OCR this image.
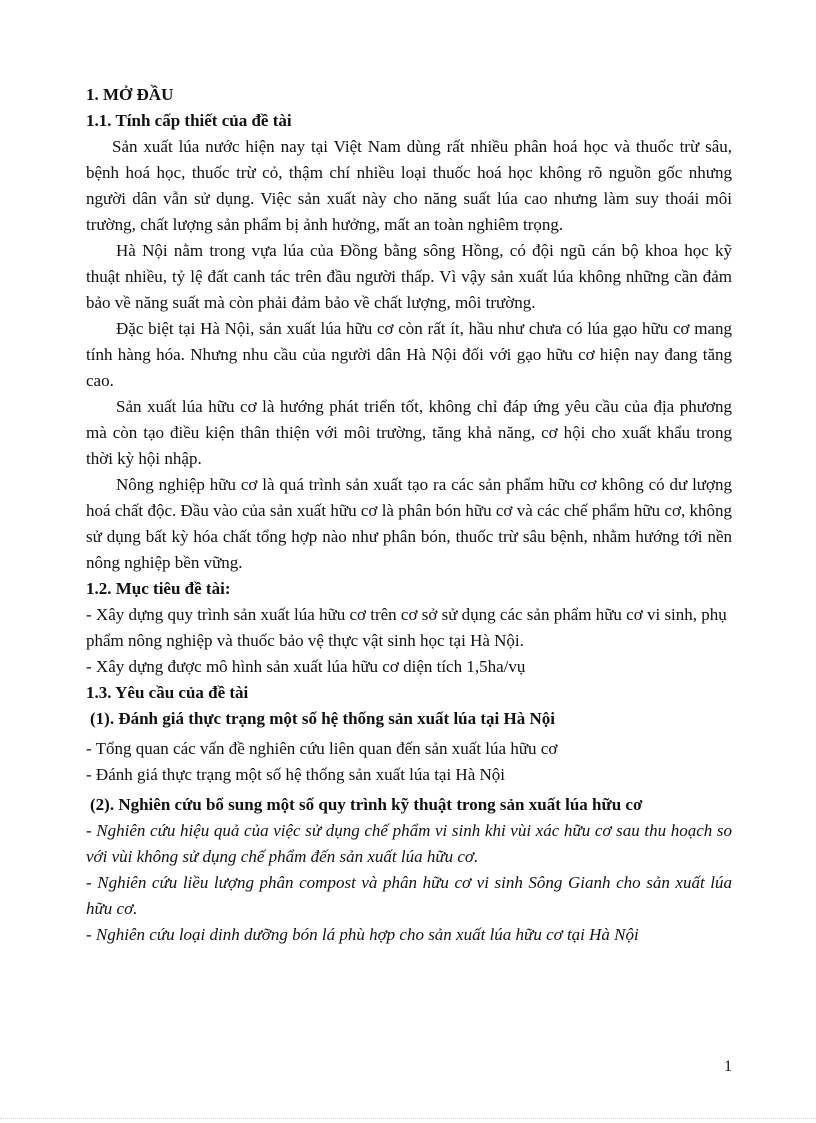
1. MỞ ĐẦU

1.1. Tính cấp thiết của đề tài

Sản xuất lúa nước hiện nay tại Việt Nam dùng rất nhiều phân hoá học và thuốc trừ sâu, bệnh hoá học, thuốc trừ cỏ, thậm chí nhiều loại thuốc hoá học không rõ nguồn gốc nhưng người dân vẫn sử dụng. Việc sản xuất này cho năng suất lúa cao nhưng làm suy thoái môi trường, chất lượng sản phẩm bị ảnh hưởng, mất an toàn nghiêm trọng.

Hà Nội nằm trong vựa lúa của Đồng bằng sông Hồng, có đội ngũ cán bộ khoa học kỹ thuật nhiều, tỷ lệ đất canh tác trên đầu người thấp. Vì vậy sản xuất lúa không những cần đảm bảo về năng suất mà còn phải đảm bảo về chất lượng, môi trường.

Đặc biệt tại Hà Nội, sản xuất lúa hữu cơ còn rất ít, hầu như chưa có lúa gạo hữu cơ mang tính hàng hóa. Nhưng nhu cầu của người dân Hà Nội đối với gạo hữu cơ hiện nay đang tăng cao.

Sản xuất lúa hữu cơ là hướng phát triển tốt, không chỉ đáp ứng yêu cầu của địa phương mà còn tạo điều kiện thân thiện với môi trường, tăng khả năng, cơ hội cho xuất khẩu trong thời kỳ hội nhập.

Nông nghiệp hữu cơ là quá trình sản xuất tạo ra các sản phẩm hữu cơ không có dư lượng hoá chất độc. Đầu vào của sản xuất hữu cơ là phân bón hữu cơ và các chế phẩm hữu cơ, không sử dụng bất kỳ hóa chất tổng hợp nào như phân bón, thuốc trừ sâu bệnh, nhằm hướng tới nền nông nghiệp bền vững.

1.2. Mục tiêu đề tài:

- Xây dựng quy trình sản xuất lúa hữu cơ trên cơ sở sử dụng các sản phẩm hữu cơ vi sinh, phụ phẩm nông nghiệp và thuốc bảo vệ thực vật sinh học tại Hà Nội.

- Xây dựng được mô hình sản xuất lúa hữu cơ diện tích 1,5ha/vụ

1.3. Yêu cầu của đề tài

(1). Đánh giá thực trạng một số hệ thống sản xuất lúa tại Hà Nội

- Tổng quan các vấn đề nghiên cứu liên quan đến sản xuất lúa hữu cơ

- Đánh giá thực trạng một số hệ thống sản xuất lúa tại Hà Nội

(2). Nghiên cứu bổ sung một số quy trình kỹ thuật trong sản xuất lúa hữu cơ

- Nghiên cứu hiệu quả của việc sử dụng chế phẩm vi sinh khi vùi xác hữu cơ sau thu hoạch so với vùi không sử dụng chế phẩm đến sản xuất lúa hữu cơ.

- Nghiên cứu liều lượng phân compost và phân hữu cơ vi sinh Sông Gianh cho sản xuất lúa hữu cơ.

- Nghiên cứu loại dinh dưỡng bón lá phù hợp cho sản xuất lúa hữu cơ tại Hà Nội

1
